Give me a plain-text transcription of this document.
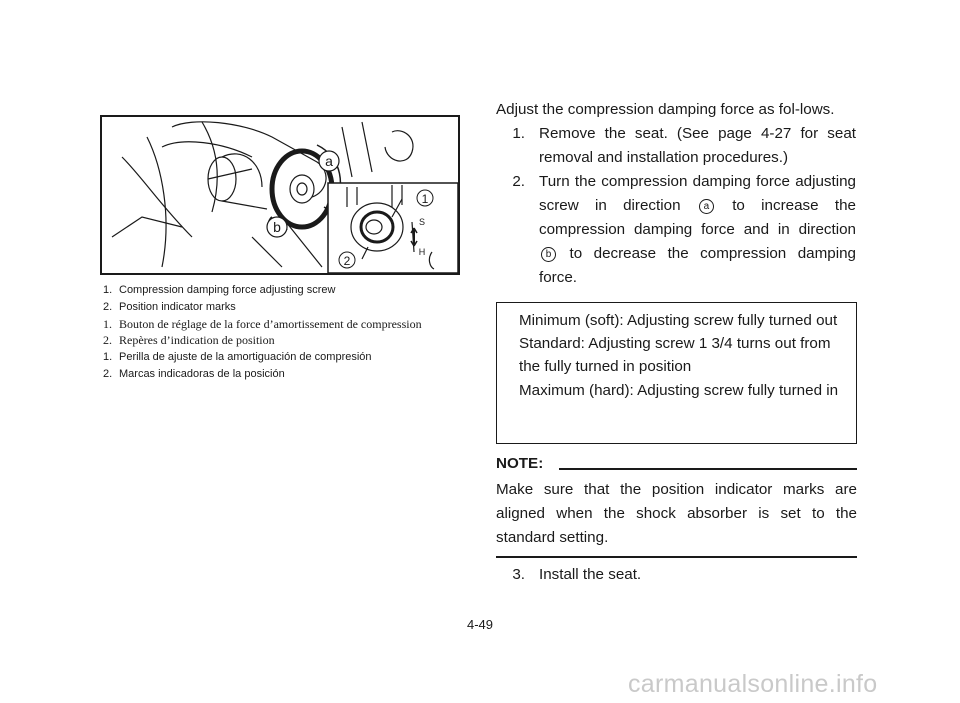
a
b
1
2
S
H
1. Compression damping force adjusting screw
2. Position indicator marks
1. Bouton de réglage de la force d’amortissement de compression
2. Repères d’indication de position
1. Perilla de ajuste de la amortiguación de compresión
2. Marcas indicadoras de la posición

Adjust the compression damping force as fol-lows.

1. Remove the seat. (See page 4-27 for seat removal and installation procedures.)
2. Turn the compression damping force adjusting screw in direction a to increase the compression damping force and in direction b to decrease the compression damping force.
Minimum (soft): Adjusting screw fully turned out
Standard: Adjusting screw 1 3/4 turns out from the fully turned in position
Maximum (hard): Adjusting screw fully turned in
NOTE:
Make sure that the position indicator marks are aligned when the shock absorber is set to the standard setting.
3. Install the seat.
4-49
carmanualsonline.info
